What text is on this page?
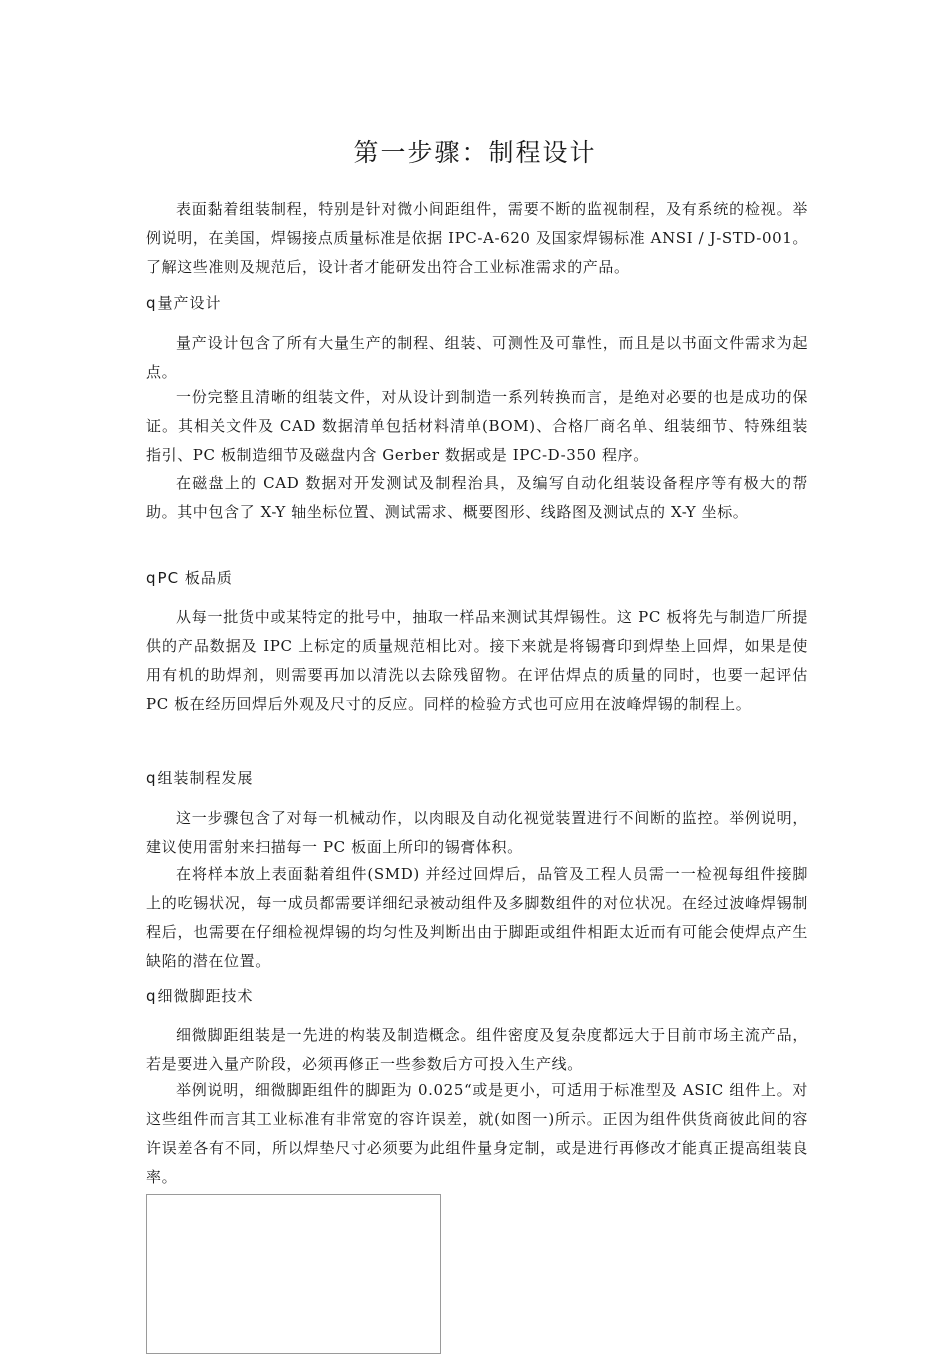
第一步骤：制程设计

表面黏着组装制程，特别是针对微小间距组件，需要不断的监视制程，及有系统的检视。举例说明，在美国，焊锡接点质量标准是依据 IPC-A-620 及国家焊锡标准 ANSI / J-STD-001。了解这些准则及规范后，设计者才能研发出符合工业标准需求的产品。

q量产设计

量产设计包含了所有大量生产的制程、组装、可测性及可靠性，而且是以书面文件需求为起点。

一份完整且清晰的组装文件，对从设计到制造一系列转换而言，是绝对必要的也是成功的保证。其相关文件及 CAD 数据清单包括材料清单(BOM)、合格厂商名单、组装细节、特殊组装指引、PC 板制造细节及磁盘内含 Gerber 数据或是 IPC-D-350 程序。

在磁盘上的 CAD 数据对开发测试及制程治具，及编写自动化组装设备程序等有极大的帮助。其中包含了 X-Y 轴坐标位置、测试需求、概要图形、线路图及测试点的 X-Y 坐标。

qPC 板品质

从每一批货中或某特定的批号中，抽取一样品来测试其焊锡性。这 PC 板将先与制造厂所提供的产品数据及 IPC 上标定的质量规范相比对。接下来就是将锡膏印到焊垫上回焊，如果是使用有机的助焊剂，则需要再加以清洗以去除残留物。在评估焊点的质量的同时，也要一起评估 PC 板在经历回焊后外观及尺寸的反应。同样的检验方式也可应用在波峰焊锡的制程上。

q组装制程发展

这一步骤包含了对每一机械动作，以肉眼及自动化视觉装置进行不间断的监控。举例说明，建议使用雷射来扫描每一 PC 板面上所印的锡膏体积。

在将样本放上表面黏着组件(SMD) 并经过回焊后，品管及工程人员需一一检视每组件接脚上的吃锡状况，每一成员都需要详细纪录被动组件及多脚数组件的对位状况。在经过波峰焊锡制程后，也需要在仔细检视焊锡的均匀性及判断出由于脚距或组件相距太近而有可能会使焊点产生缺陷的潜在位置。

q细微脚距技术

细微脚距组装是一先进的构装及制造概念。组件密度及复杂度都远大于目前市场主流产品，若是要进入量产阶段，必须再修正一些参数后方可投入生产线。

举例说明，细微脚距组件的脚距为 0.025“或是更小，可适用于标准型及 ASIC 组件上。对这些组件而言其工业标准有非常宽的容许误差，就(如图一)所示。正因为组件供货商彼此间的容许误差各有不同，所以焊垫尺寸必须要为此组件量身定制，或是进行再修改才能真正提高组装良率。
